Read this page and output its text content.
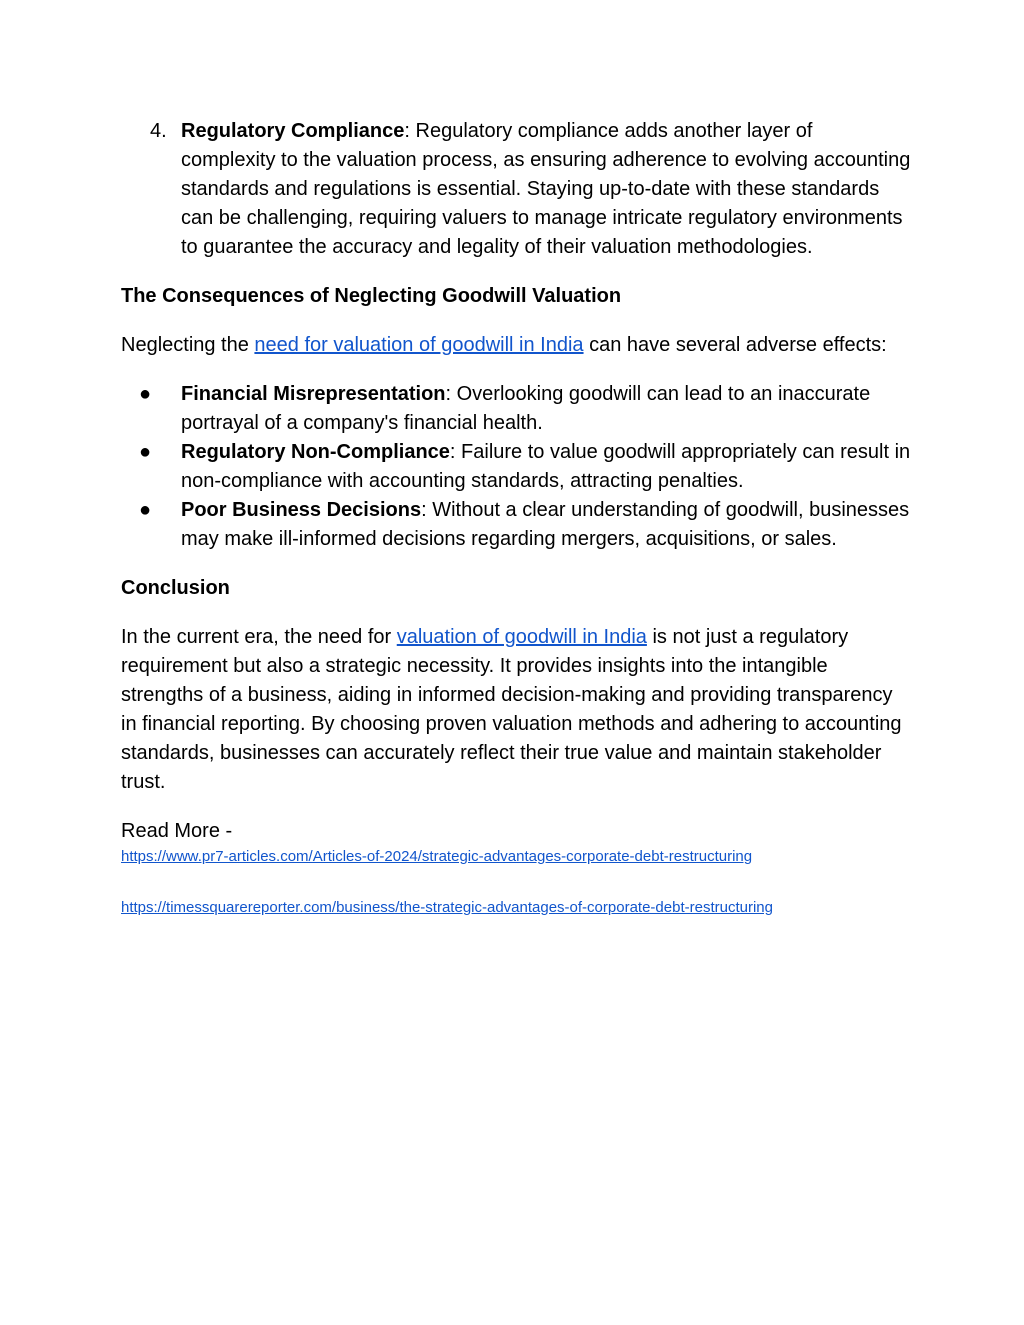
4. Regulatory Compliance: Regulatory compliance adds another layer of complexity to the valuation process, as ensuring adherence to evolving accounting standards and regulations is essential. Staying up-to-date with these standards can be challenging, requiring valuers to manage intricate regulatory environments to guarantee the accuracy and legality of their valuation methodologies.
The Consequences of Neglecting Goodwill Valuation

Neglecting the need for valuation of goodwill in India can have several adverse effects:

●	Financial Misrepresentation: Overlooking goodwill can lead to an inaccurate portrayal of a company's financial health.
●	Regulatory Non-Compliance: Failure to value goodwill appropriately can result in non-compliance with accounting standards, attracting penalties.
●	Poor Business Decisions: Without a clear understanding of goodwill, businesses may make ill-informed decisions regarding mergers, acquisitions, or sales.
Conclusion

In the current era, the need for valuation of goodwill in India is not just a regulatory requirement but also a strategic necessity. It provides insights into the intangible strengths of a business, aiding in informed decision-making and providing transparency in financial reporting. By choosing proven valuation methods and adhering to accounting standards, businesses can accurately reflect their true value and maintain stakeholder trust.

Read More -
https://www.pr7-articles.com/Articles-of-2024/strategic-advantages-corporate-debt-restructuring
https://timessquarereporter.com/business/the-strategic-advantages-of-corporate-debt-restructuring
